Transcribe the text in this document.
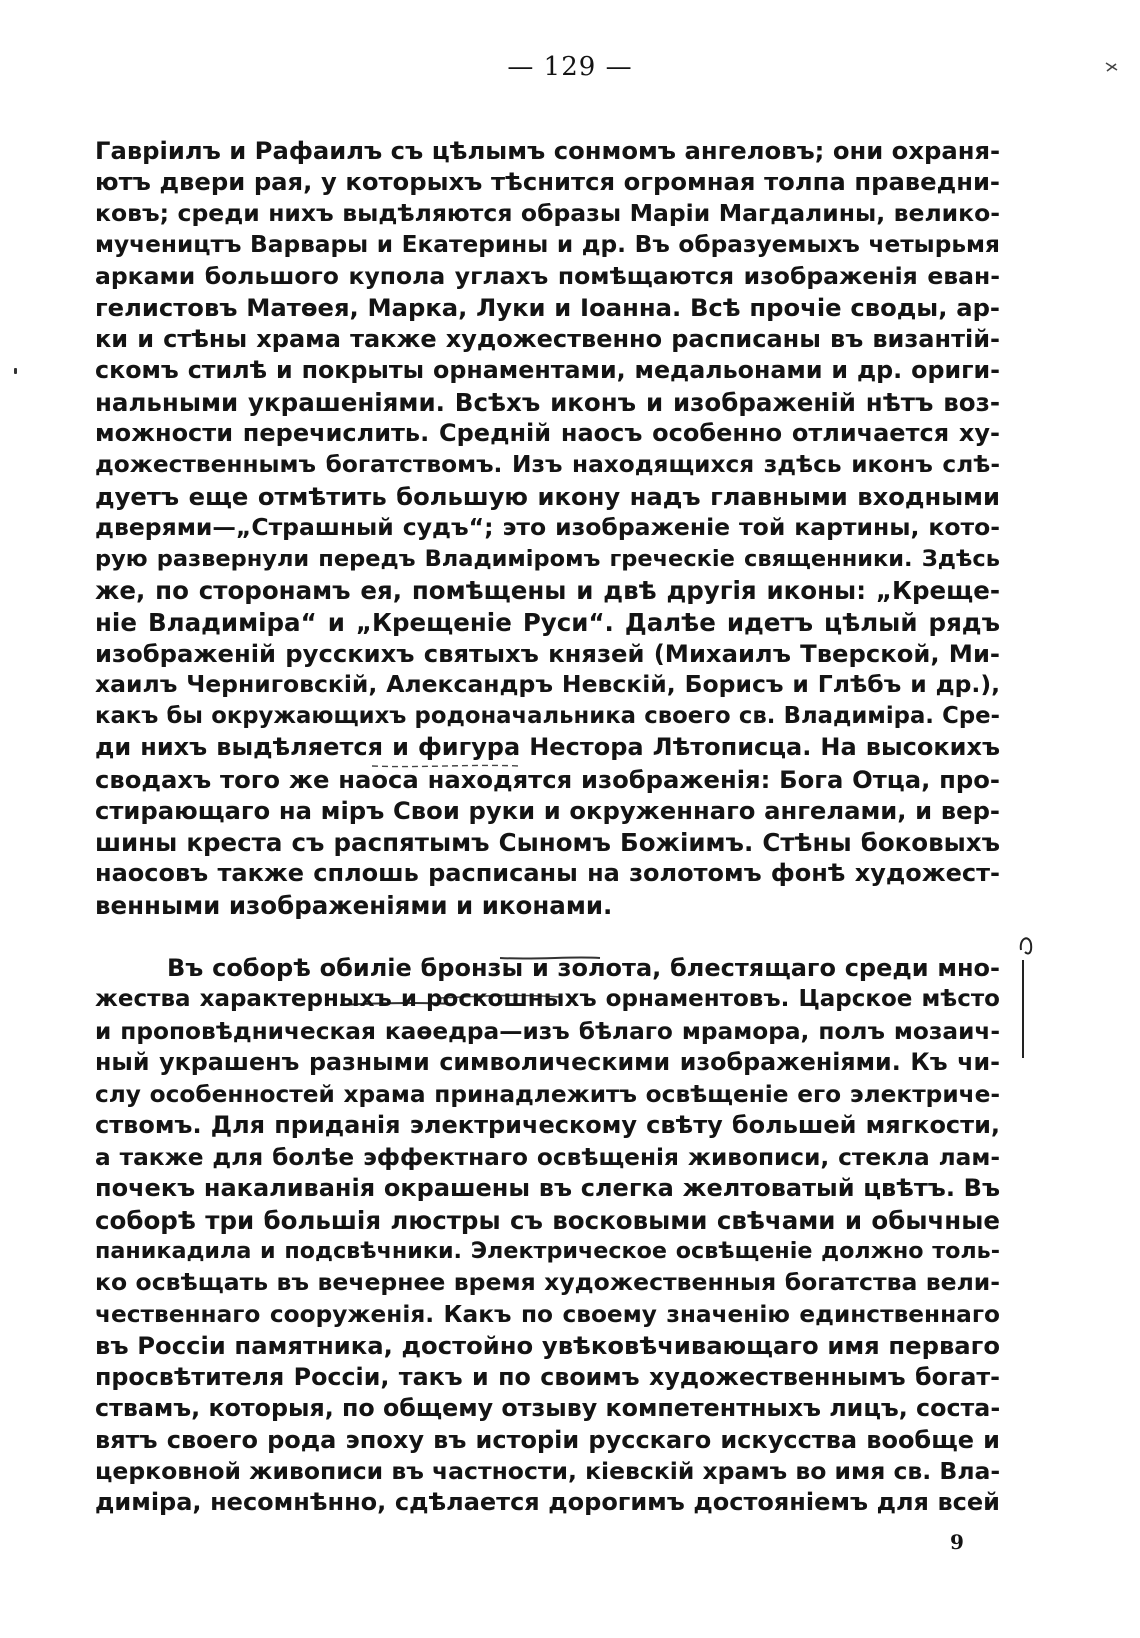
— 129 —
Гавріилъ и Рафаилъ съ цѣлымъ сонмомъ ангеловъ; они охраня-
ютъ двери рая, у которыхъ тѣснится огромная толпа праведни-
ковъ; среди нихъ выдѣляются образы Маріи Магдалины, велико-
мучеництъ Варвары и Екатерины и др. Въ образуемыхъ четырьмя
арками большого купола углахъ помѣщаются изображенія еван-
гелистовъ Матѳея, Марка, Луки и Іоанна. Всѣ прочіе своды, ар-
ки и стѣны храма также художественно расписаны въ византій-
скомъ стилѣ и покрыты орнаментами, медальонами и др. ориги-
нальными украшеніями. Всѣхъ иконъ и изображеній нѣтъ воз-
можности перечислить. Среднiй наосъ особенно отличается ху-
дожественнымъ богатствомъ. Изъ находящихся здѣсь иконъ слѣ-
дуетъ еще отмѣтить большую икону надъ главными входными
дверями—„Страшный судъ“; это изображеніе той картины, кото-
рую развернули передъ Владиміромъ греческіе священники. Здѣсь
же, по сторонамъ ея, помѣщены и двѣ другія иконы: „Креще-
ніе Владиміра“ и „Крещеніе Руси“. Далѣе идетъ цѣлый рядъ
изображеній русскихъ святыхъ князей (Михаилъ Тверской, Ми-
хаилъ Черниговскій, Александръ Невскій, Борисъ и Глѣбъ и др.),
какъ бы окружающихъ родоначальника своего св. Владиміра. Сре-
ди нихъ выдѣляется и фигура Нестора Лѣтописца. На высокихъ
сводахъ того же наоса находятся изображенія: Бога Отца, про-
стирающаго на міръ Свои руки и окруженнаго ангелами, и вер-
шины креста съ распятымъ Сыномъ Божіимъ. Стѣны боковыхъ
наосовъ также сплошь расписаны на золотомъ фонѣ художест-
венными изображеніями и иконами.
Въ соборѣ обиліе бронзы и золота, блестящаго среди мно-
жества характерныхъ и роскошныхъ орнаментовъ. Царское мѣсто
и проповѣдническая каѳедра—изъ бѣлаго мрамора, полъ мозаич-
ный украшенъ разными символическими изображеніями. Къ чи-
слу особенностей храма принадлежитъ освѣщеніе его электриче-
ствомъ. Для приданія электрическому свѣту большей мягкости,
а также для болѣе эффектнаго освѣщенія живописи, стекла лам-
почекъ накаливанія окрашены въ слегка желтоватый цвѣтъ. Въ
соборѣ три большія люстры съ восковыми свѣчами и обычные
паникадила и подсвѣчники. Электрическое освѣщеніе должно толь-
ко освѣщать въ вечернее время художественныя богатства вели-
чественнаго сооруженія. Какъ по своему значенію единственнаго
въ Россіи памятника, достойно увѣковѣчивающаго имя перваго
просвѣтителя Россіи, такъ и по своимъ художественнымъ богат-
ствамъ, которыя, по общему отзыву компетентныхъ лицъ, соста-
вятъ своего рода эпоху въ исторіи русскаго искусства вообще и
церковной живописи въ частности, кіевскій храмъ во имя св. Вла-
диміра, несомнѣнно, сдѣлается дорогимъ достояніемъ для всей
9
